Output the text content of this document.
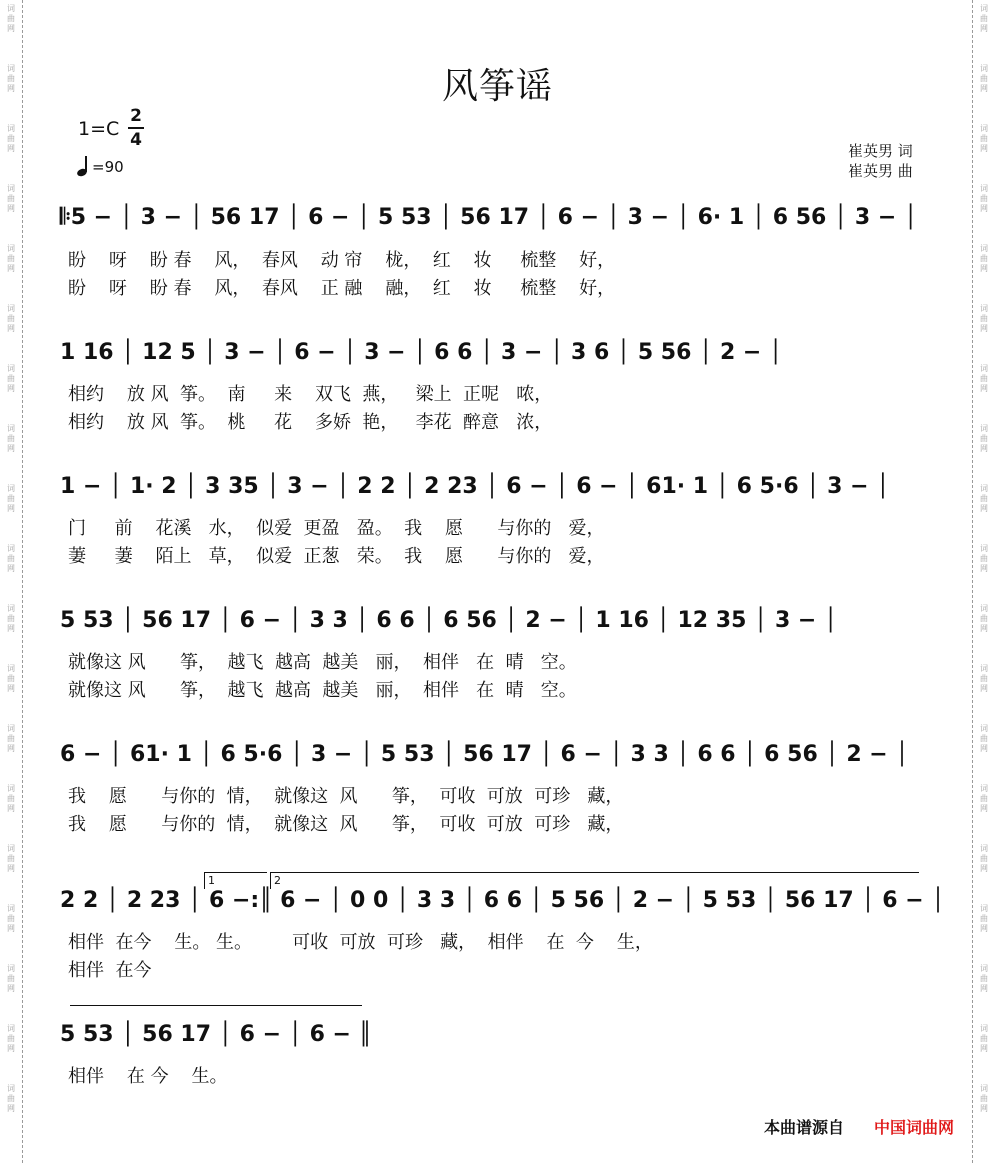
词
曲
网
词
曲
网
词
曲
网
词
曲
网
词
曲
网
词
曲
网
词
曲
网
词
曲
网
词
曲
网
词
曲
网
词
曲
网
词
曲
网
词
曲
网
词
曲
网
词
曲
网
词
曲
网
词
曲
网
词
曲
网
词
曲
网
词
曲
网
词
曲
网
词
曲
网
词
曲
网
词
曲
网
词
曲
网
词
曲
网
词
曲
网
词
曲
网
词
曲
网
词
曲
网
词
曲
网
词
曲
网
词
曲
网
词
曲
网
词
曲
网
词
曲
网
词
曲
网
词
曲
网
风筝谣
1=C
2
4
=90
崔英男 词
崔英男 曲
𝄆5 − │ 3 − │ 56 17 │ 6 − │ 5 53 │ 56 17 │ 6 − │ 3 − │ 6· 1 │ 6 56 │ 3 − │
盼    呀    盼 春    风，  春风    动 帘    栊，  红    妆     梳整    好，
盼    呀    盼 春    风，  春风    正 融    融，  红    妆     梳整    好，
1 16 │ 12 5 │ 3 − │ 6 − │ 3 − │ 6 6 │ 3 − │ 3 6 │ 5 56 │ 2 − │
相约    放 风  筝。  南     来    双飞  燕，   梁上  正呢   哝，
相约    放 风  筝。  桃     花    多娇  艳，   李花  醉意   浓，
1 − │ 1· 2 │ 3 35 │ 3 − │ 2 2 │ 2 23 │ 6 − │ 6 − │ 61· 1 │ 6 5·6 │ 3 − │
门     前    花溪   水，  似爱  更盈   盈。  我    愿      与你的   爱，
萋     萋    陌上   草，  似爱  正葱   荣。  我    愿      与你的   爱，
5 53 │ 56 17 │ 6 − │ 3 3 │ 6 6 │ 6 56 │ 2 − │ 1 16 │ 12 35 │ 3 − │
就像这 风      筝，  越飞  越高  越美   丽，  相伴   在  晴   空。
就像这 风      筝，  越飞  越高  越美   丽，  相伴   在  晴   空。
6 − │ 61· 1 │ 6 5·6 │ 3 − │ 5 53 │ 56 17 │ 6 − │ 3 3 │ 6 6 │ 6 56 │ 2 − │
我    愿      与你的  情，  就像这  风      筝，  可收  可放  可珍   藏，
我    愿      与你的  情，  就像这  风      筝，  可收  可放  可珍   藏，
1	2
2 2 │ 2 23 │ 6 −:║ 6 − │ 0 0 │ 3 3 │ 6 6 │ 5 56 │ 2 − │ 5 53 │ 56 17 │ 6 − │
相伴  在今    生。 生。       可收  可放  可珍   藏，  相伴    在  今    生，
相伴  在今
5 53 │ 56 17 │ 6 − │ 6 − ║
相伴    在 今    生。
本曲谱源自 中国词曲网
